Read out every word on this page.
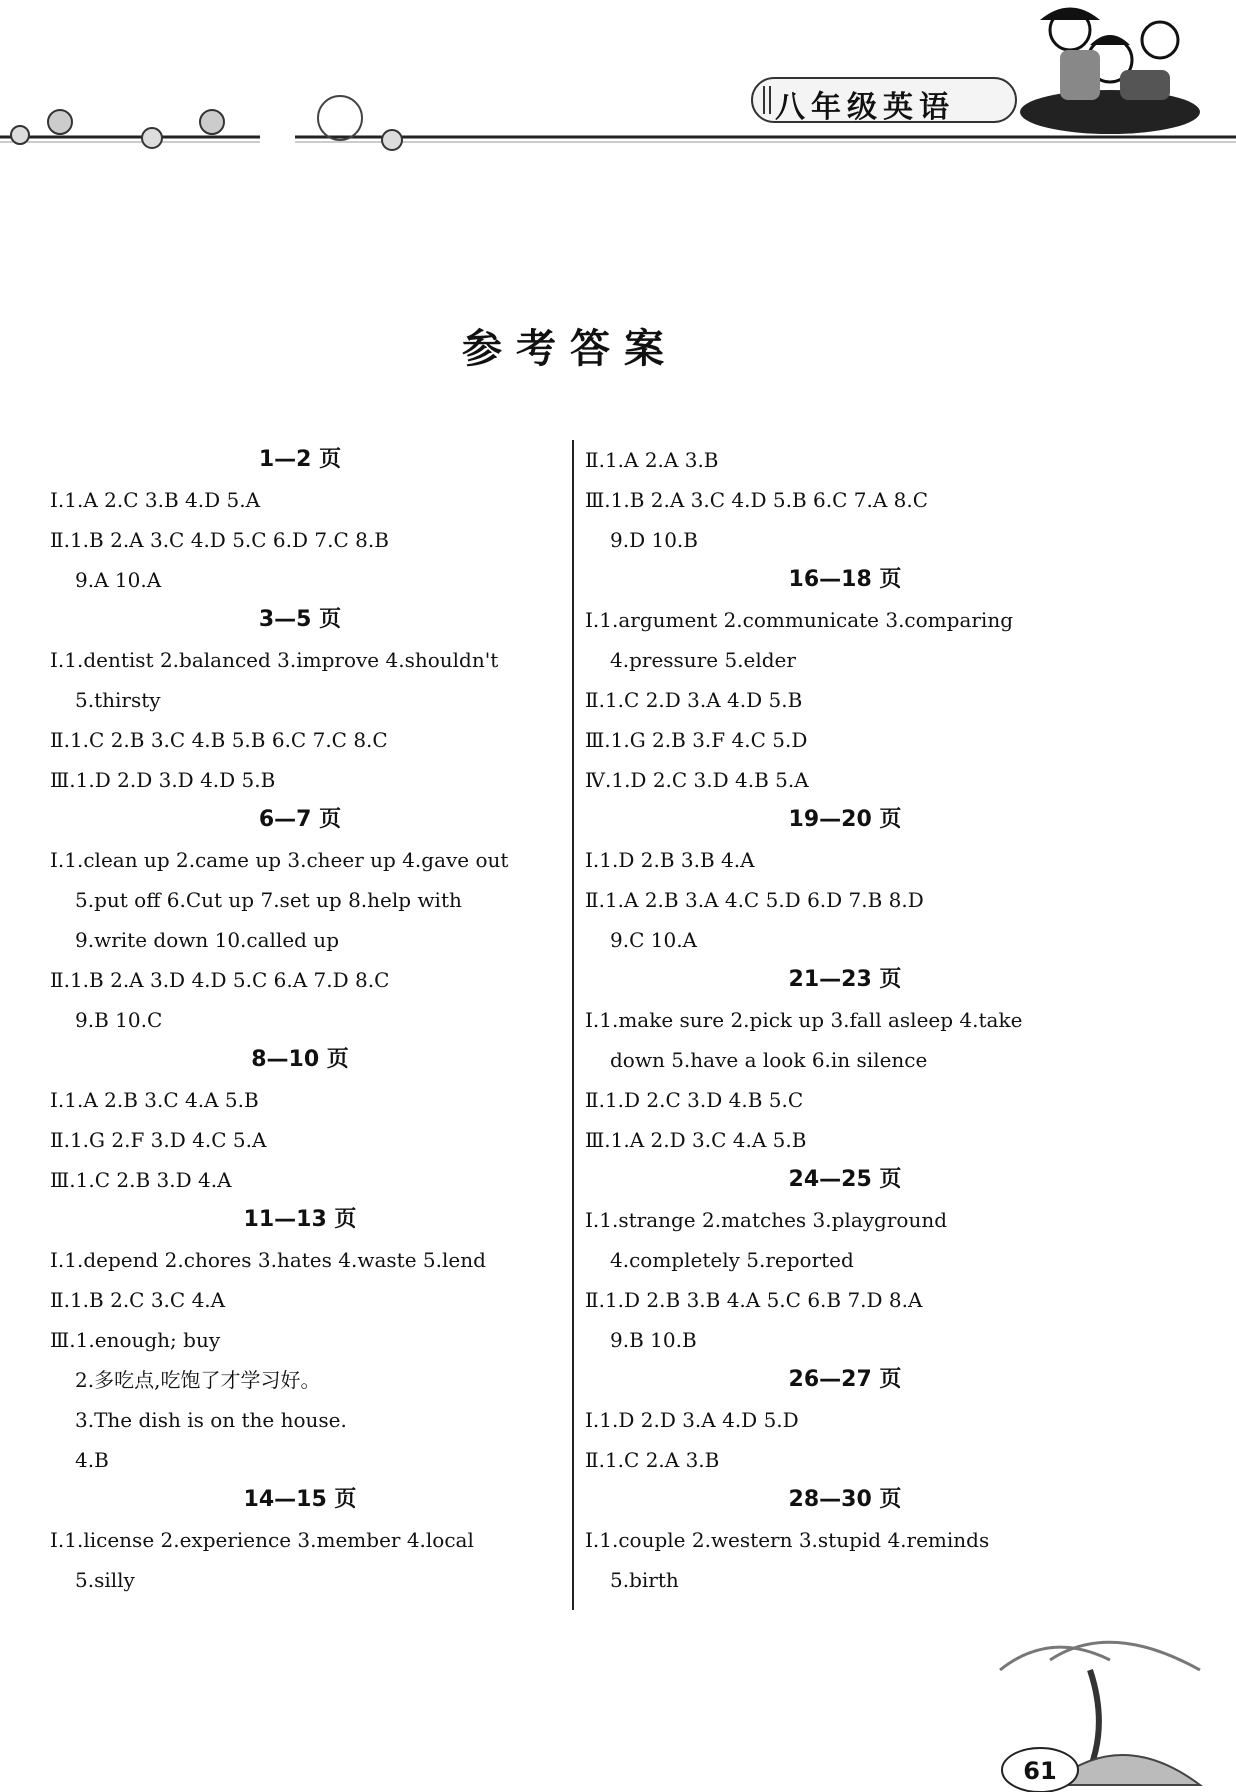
八年级英语
参考答案
1—2 页
Ⅰ.1.A 2.C 3.B 4.D 5.A
Ⅱ.1.B 2.A 3.C 4.D 5.C 6.D 7.C 8.B
9.A 10.A
3—5 页
Ⅰ.1.dentist 2.balanced 3.improve 4.shouldn't
5.thirsty
Ⅱ.1.C 2.B 3.C 4.B 5.B 6.C 7.C 8.C
Ⅲ.1.D 2.D 3.D 4.D 5.B
6—7 页
Ⅰ.1.clean up 2.came up 3.cheer up 4.gave out
5.put off 6.Cut up 7.set up 8.help with
9.write down 10.called up
Ⅱ.1.B 2.A 3.D 4.D 5.C 6.A 7.D 8.C
9.B 10.C
8—10 页
Ⅰ.1.A 2.B 3.C 4.A 5.B
Ⅱ.1.G 2.F 3.D 4.C 5.A
Ⅲ.1.C 2.B 3.D 4.A
11—13 页
Ⅰ.1.depend 2.chores 3.hates 4.waste 5.lend
Ⅱ.1.B 2.C 3.C 4.A
Ⅲ.1.enough; buy
2.多吃点,吃饱了才学习好。
3.The dish is on the house.
4.B
14—15 页
Ⅰ.1.license 2.experience 3.member 4.local
5.silly
Ⅱ.1.A 2.A 3.B
Ⅲ.1.B 2.A 3.C 4.D 5.B 6.C 7.A 8.C
9.D 10.B
16—18 页
Ⅰ.1.argument 2.communicate 3.comparing
4.pressure 5.elder
Ⅱ.1.C 2.D 3.A 4.D 5.B
Ⅲ.1.G 2.B 3.F 4.C 5.D
Ⅳ.1.D 2.C 3.D 4.B 5.A
19—20 页
Ⅰ.1.D 2.B 3.B 4.A
Ⅱ.1.A 2.B 3.A 4.C 5.D 6.D 7.B 8.D
9.C 10.A
21—23 页
Ⅰ.1.make sure 2.pick up 3.fall asleep 4.take
down 5.have a look 6.in silence
Ⅱ.1.D 2.C 3.D 4.B 5.C
Ⅲ.1.A 2.D 3.C 4.A 5.B
24—25 页
Ⅰ.1.strange 2.matches 3.playground
4.completely 5.reported
Ⅱ.1.D 2.B 3.B 4.A 5.C 6.B 7.D 8.A
9.B 10.B
26—27 页
Ⅰ.1.D 2.D 3.A 4.D 5.D
Ⅱ.1.C 2.A 3.B
28—30 页
Ⅰ.1.couple 2.western 3.stupid 4.reminds
5.birth
61
